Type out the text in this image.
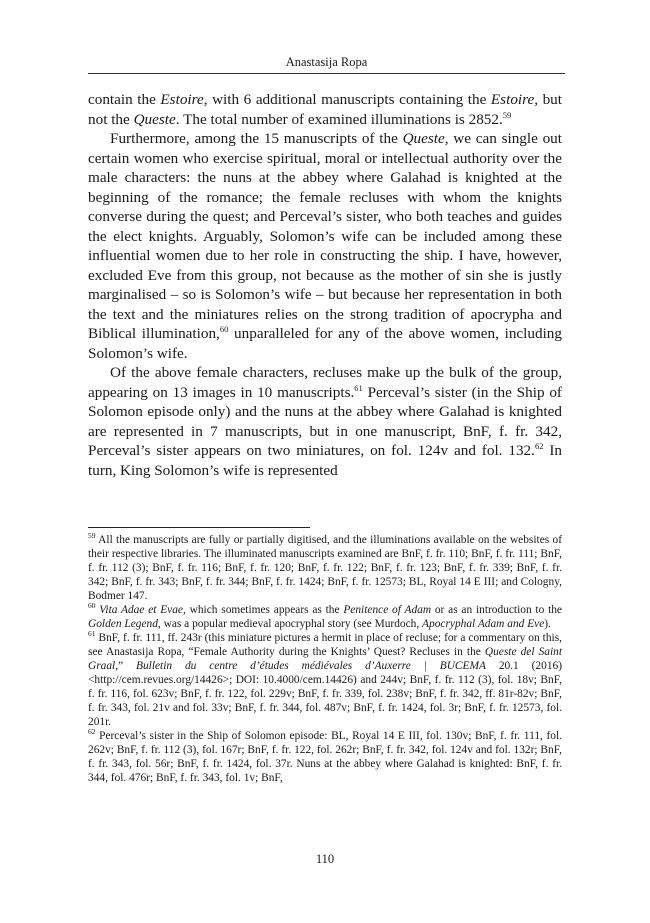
Anastasija Ropa

contain the Estoire, with 6 additional manuscripts containing the Estoire, but not the Queste. The total number of examined illuminations is 2852.59

Furthermore, among the 15 manuscripts of the Queste, we can single out certain women who exercise spiritual, moral or intellectual authority over the male characters: the nuns at the abbey where Galahad is knighted at the beginning of the romance; the female recluses with whom the knights converse during the quest; and Perceval’s sister, who both teaches and guides the elect knights. Arguably, Solomon’s wife can be included among these influential women due to her role in constructing the ship. I have, however, excluded Eve from this group, not because as the mother of sin she is justly marginalised – so is Solomon’s wife – but because her representation in both the text and the miniatures relies on the strong tradition of apocrypha and Biblical illumination,$^{60}$ unparalleled for any of the above women, including Solomon’s wife.

Of the above female characters, recluses make up the bulk of the group, appearing on 13 images in 10 manuscripts.$^{61}$ Perceval’s sister (in the Ship of Solomon episode only) and the nuns at the abbey where Galahad is knighted are represented in 7 manuscripts, but in one manuscript, BnF, f. fr. 342, Perceval’s sister appears on two miniatures, on fol. 124v and fol. 132.62 In turn, King Solomon’s wife is represented

$^{59}$ All the manuscripts are fully or partially digitised, and the illuminations available on the websites of their respective libraries. The illuminated manuscripts examined are BnF, f. fr. 110; BnF, f. fr. 111; BnF, f. fr. 112 (3); BnF, f. fr. 116; BnF, f. fr. 120; BnF, f. fr. 122; BnF, f. fr. 123; BnF, f. fr. 339; BnF, f. fr. 342; BnF, f. fr. 343; BnF, f. fr. 344; BnF, f. fr. 1424; BnF, f. fr. 12573; BL, Royal 14 E III; and Cologny, Bodmer 147.

$^{60}$ Vita Adae et Evae, which sometimes appears as the Penitence of Adam or as an introduction to the Golden Legend, was a popular medieval apocryphal story (see Murdoch, Apocryphal Adam and Eve).

$^{61}$ BnF, f. fr. 111, ff. 243r (this miniature pictures a hermit in place of recluse; for a commentary on this, see Anastasija Ropa, “Female Authority during the Knights’ Quest? Recluses in the Queste del Saint Graal,” Bulletin du centre d’études médiévales d’Auxerre | BUCEMA 20.1 (2016) <http://cem.revues.org/14426>; DOI: 10.4000/cem.14426) and 244v; BnF, f. fr. 112 (3), fol. 18v; BnF, f. fr. 116, fol. 623v; BnF, f. fr. 122, fol. 229v; BnF, f. fr. 339, fol. 238v; BnF, f. fr. 342, ff. 81r-82v; BnF, f. fr. 343, fol. 21v and fol. 33v; BnF, f. fr. 344, fol. 487v; BnF, f. fr. 1424, fol. 3r; BnF, f. fr. 12573, fol. 201r.

$^{62}$ Perceval’s sister in the Ship of Solomon episode: BL, Royal 14 E III, fol. 130v; BnF, f. fr. 111, fol. 262v; BnF, f. fr. 112 (3), fol. 167r; BnF, f. fr. 122, fol. 262r; BnF, f. fr. 342, fol. 124v and fol. 132r; BnF, f. fr. 343, fol. 56r; BnF, f. fr. 1424, fol. 37r. Nuns at the abbey where Galahad is knighted: BnF, f. fr. 344, fol. 476r; BnF, f. fr. 343, fol. 1v; BnF,

110
